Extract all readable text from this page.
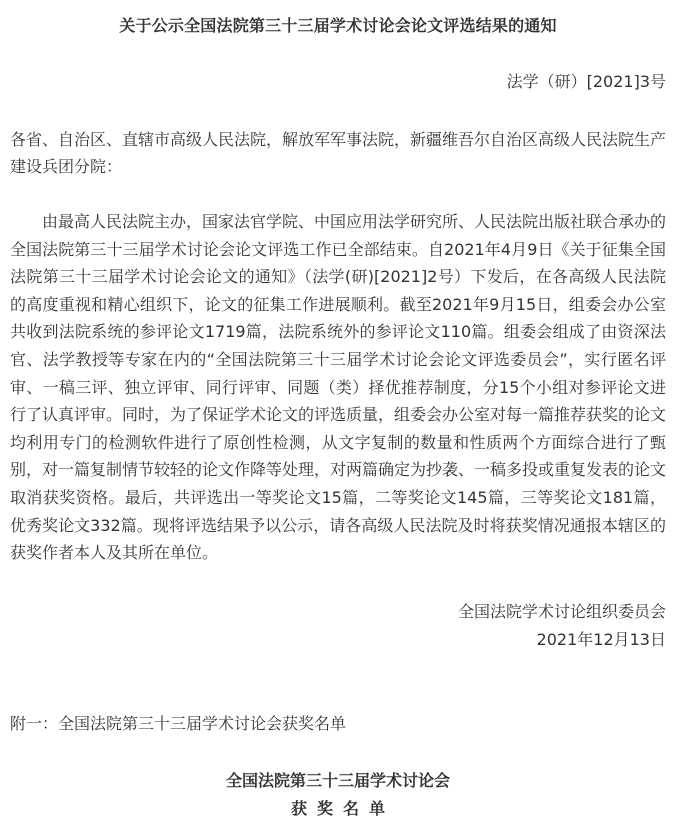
关于公示全国法院第三十三届学术讨论会论文评选结果的通知
法学（研）[2021]3号
各省、自治区、直辖市高级人民法院，解放军军事法院，新疆维吾尔自治区高级人民法院生产建设兵团分院：
由最高人民法院主办，国家法官学院、中国应用法学研究所、人民法院出版社联合承办的全国法院第三十三届学术讨论会论文评选工作已全部结束。自2021年4月9日《关于征集全国法院第三十三届学术讨论会论文的通知》（法学(研)[2021]2号）下发后，在各高级人民法院的高度重视和精心组织下，论文的征集工作进展顺利。截至2021年9月15日，组委会办公室共收到法院系统的参评论文1719篇，法院系统外的参评论文110篇。组委会组成了由资深法官、法学教授等专家在内的“全国法院第三十三届学术讨论会论文评选委员会”，实行匿名评审、一稿三评、独立评审、同行评审、同题（类）择优推荐制度，分15个小组对参评论文进行了认真评审。同时，为了保证学术论文的评选质量，组委会办公室对每一篇推荐获奖的论文均利用专门的检测软件进行了原创性检测，从文字复制的数量和性质两个方面综合进行了甄别，对一篇复制情节较轻的论文作降等处理，对两篇确定为抄袭、一稿多投或重复发表的论文取消获奖资格。最后，共评选出一等奖论文15篇，二等奖论文145篇，三等奖论文181篇，优秀奖论文332篇。现将评选结果予以公示，请各高级人民法院及时将获奖情况通报本辖区的获奖作者本人及其所在单位。
全国法院学术讨论组织委员会
2021年12月13日
附一：全国法院第三十三届学术讨论会获奖名单
全国法院第三十三届学术讨论会
获奖名单
